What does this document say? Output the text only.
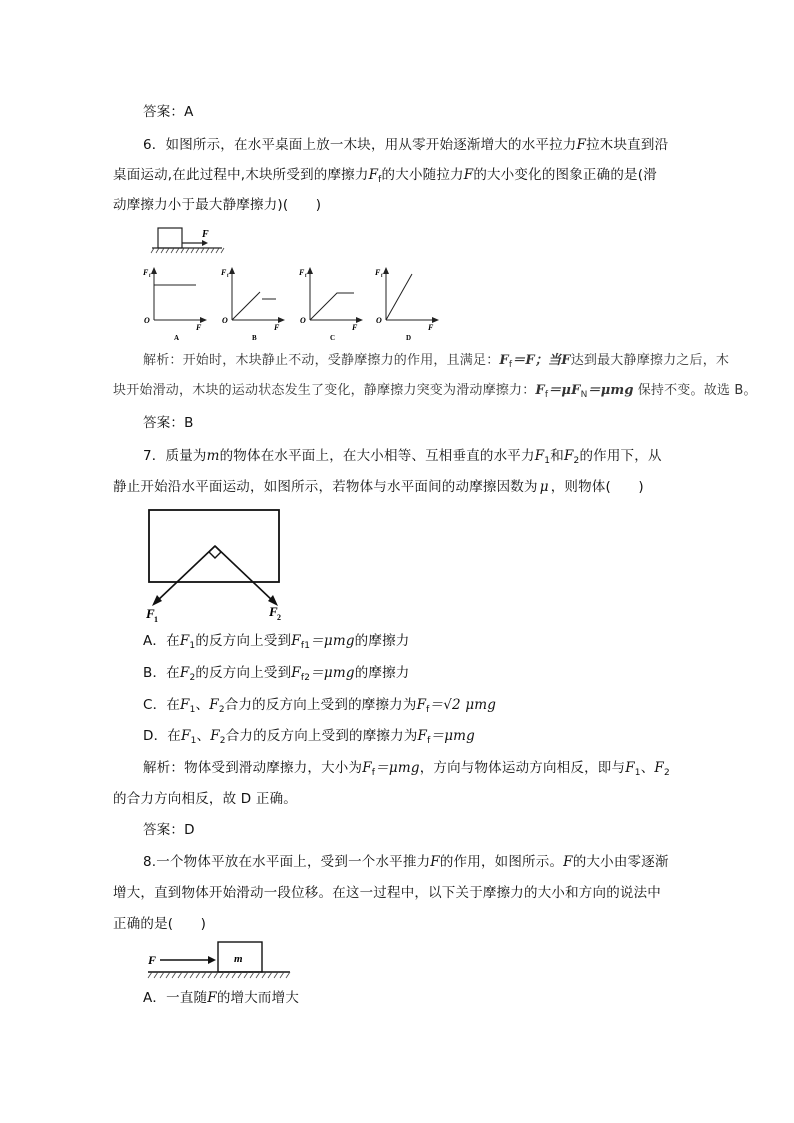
答案：A
6．如图所示，在水平桌面上放一木块，用从零开始逐渐增大的水平拉力F拉木块直到沿
桌面运动,在此过程中,木块所受到的摩擦力$F_f$的大小随拉力F的大小变化的图象正确的是(滑
动摩擦力小于最大静摩擦力)(　　)
F
F f
O
F
A
F f
O
F
B
F f
O
F
C
F f
O
F
D
解析：开始时，木块静止不动，受静摩擦力的作用，且满足：$F_f=F$；当F达到最大静摩擦力之后，木
块开始滑动，木块的运动状态发生了变化，静摩擦力突变为滑动摩擦力：$F_f=\mu F_N=\mu mg$ 保持不变。故选 B。
答案：B
7．质量为m的物体在水平面上，在大小相等、互相垂直的水平力$F_1$和$F_2$的作用下，从
静止开始沿水平面运动，如图所示，若物体与水平面间的动摩擦因数为 μ ，则物体(　　)
F 1
F 2
A．在$F_1$的反方向上受到$F_{f1}=\mu mg$的摩擦力
B．在$F_2$的反方向上受到$F_{f2}=\mu mg$的摩擦力
C．在$F_1$、$F_2$合力的反方向上受到的摩擦力为$F_f=√2$ μmg
D．在$F_1$、$F_2$合力的反方向上受到的摩擦力为$F_f=\mu mg$
解析：物体受到滑动摩擦力，大小为$F_f=\mu mg$，方向与物体运动方向相反，即与$F_1$、$F_2$
的合力方向相反，故 D 正确。
答案：D
8.一个物体平放在水平面上，受到一个水平推力F的作用，如图所示。F的大小由零逐渐
增大，直到物体开始滑动一段位移。在这一过程中，以下关于摩擦力的大小和方向的说法中
正确的是(　　)
F	m
A．一直随F的增大而增大
